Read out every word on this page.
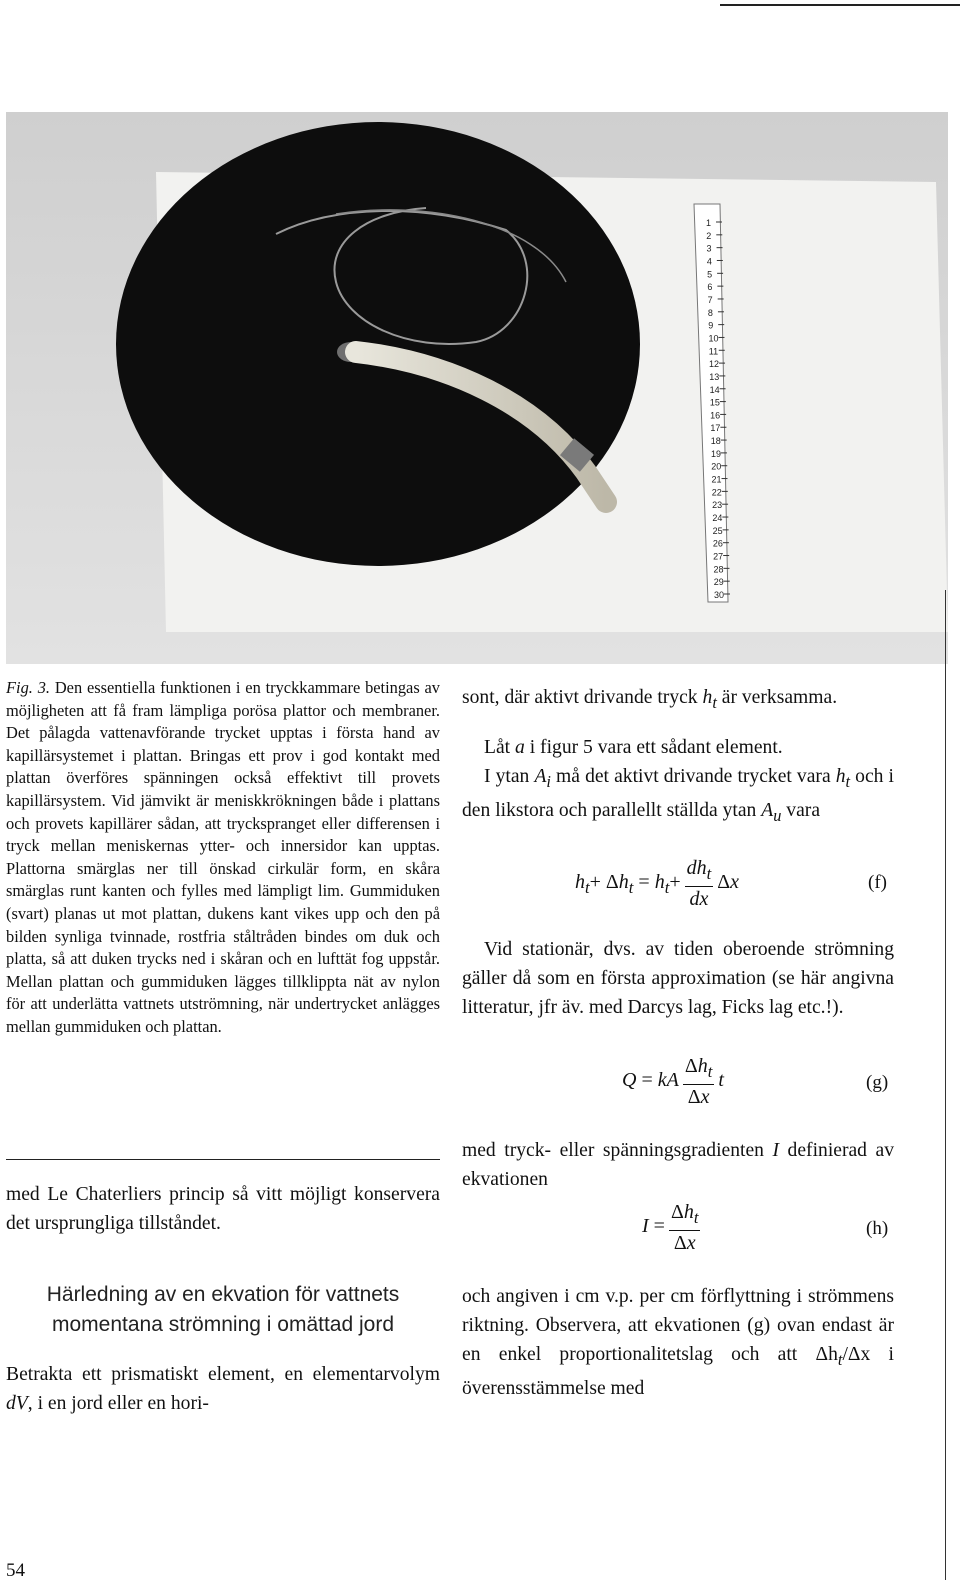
1
2
3
4
5
6
7
8
9
10
11
12
13
14
15
16
17
18
19
20
21
22
23
24
25
26
27
28
29
30
Fig. 3. Den essentiella funktionen i en tryckkammare betingas av möjligheten att få fram lämpliga porösa plattor och membraner. Det pålagda vattenavförande trycket upptas i första hand av kapillärsystemet i plattan. Bringas ett prov i god kontakt med plattan överföres spänningen också effektivt till provets kapillärsystem. Vid jämvikt är meniskkrökningen både i plattans och provets kapillärer sådan, att tryckspranget eller differensen i tryck mellan meniskernas ytter- och innersidor kan upptas. Plattorna smärglas ner till önskad cirkulär form, en skåra smärglas runt kanten och fylles med lämpligt lim. Gummiduken (svart) planas ut mot plattan, dukens kant vikes upp och den på bilden synliga tvinnade, rostfria ståltråden bindes om duk och platta, så att duken trycks ned i skåran och en lufttät fog uppstår. Mellan plattan och gummiduken lägges tillklippta nät av nylon för att underlätta vattnets utströmning, när undertrycket anlägges mellan gummiduken och plattan.
med Le Chaterliers princip så vitt möjligt konservera det ursprungliga tillståndet.
Härledning av en ekvation för vattnets momentana strömning i omättad jord
Betrakta ett prismatiskt element, en elementarvolym dV, i en jord eller en hori-
sont, där aktivt drivande tryck $h_t$ är verksamma.
Låt a i figur 5 vara ett sådant element.
I ytan $A_i$ må det aktivt drivande trycket vara $h_t$ och i den likstora och parallellt ställda ytan $A_u$ vara
$h_t+ \Delta h_t = h_t+ \frac{dh_t}{dx}$ Δx	(f)
Vid stationär, dvs. av tiden oberoende strömning gäller då som en första approximation (se här angivna litteratur, jfr äv. med Darcys lag, Ficks lag etc.!).
Q = kA $\frac{\Delta h_t}{\Delta x}$ t	(g)
med tryck- eller spänningsgradienten I definierad av ekvationen
$I = \frac{\Delta h_t}{\Delta x}$	(h)
och angiven i cm v.p. per cm förflyttning i strömmens riktning. Observera, att ekvationen (g) ovan endast är en enkel proportionalitetslag och att $\Delta h_t/\Delta x$ i överensstämmelse med
54
